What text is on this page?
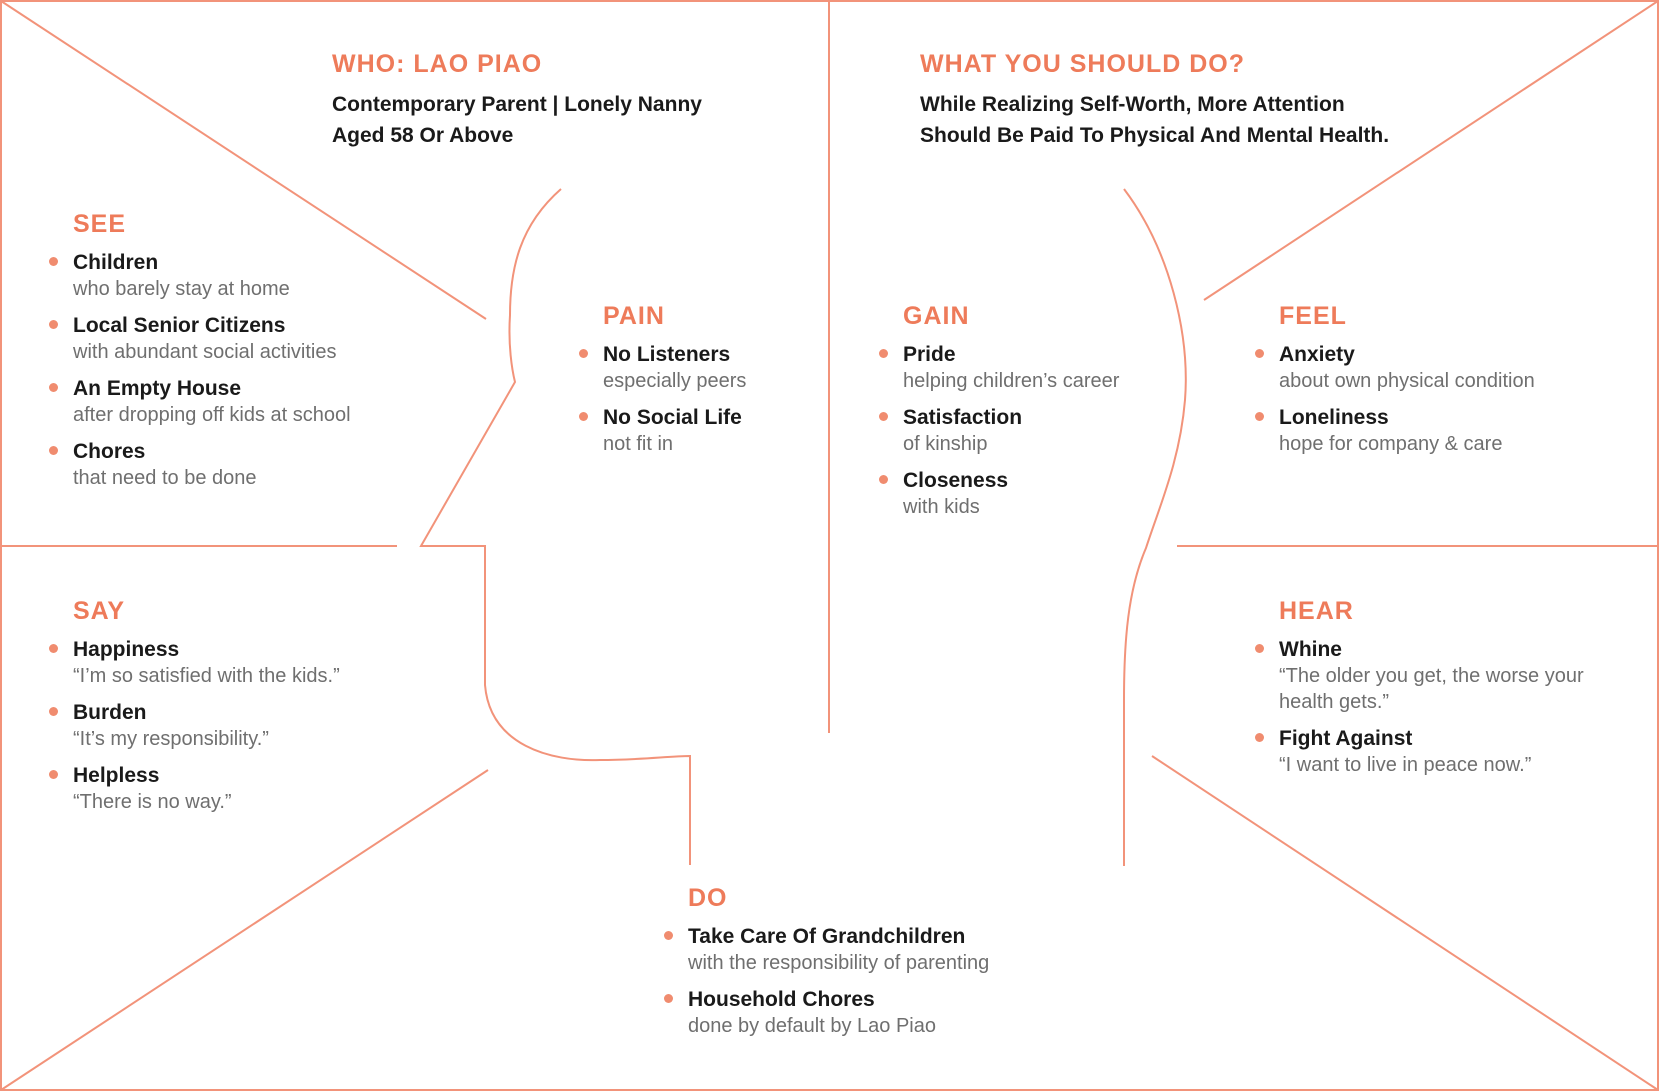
WHO: LAO PIAO
Contemporary Parent | Lonely Nanny
Aged 58 Or Above
WHAT YOU SHOULD DO?
While Realizing Self-Worth, More Attention
Should Be Paid To Physical And Mental Health.
SEE
Children
who barely stay at home
Local Senior Citizens
with abundant social activities
An Empty House
after dropping off kids at school
Chores
that need to be done
PAIN
No Listeners
especially peers
No Social Life
not fit in
GAIN
Pride
helping children’s career
Satisfaction
of kinship
Closeness
with kids
FEEL
Anxiety
about own physical condition
Loneliness
hope for company & care
SAY
Happiness
“I’m so satisfied with the kids.”
Burden
“It’s my responsibility.”
Helpless
“There is no way.”
HEAR
Whine
“The older you get, the worse your health gets.”
Fight Against
“I want to live in peace now.”
DO
Take Care Of Grandchildren
with the responsibility of parenting
Household Chores
done by default by Lao Piao
